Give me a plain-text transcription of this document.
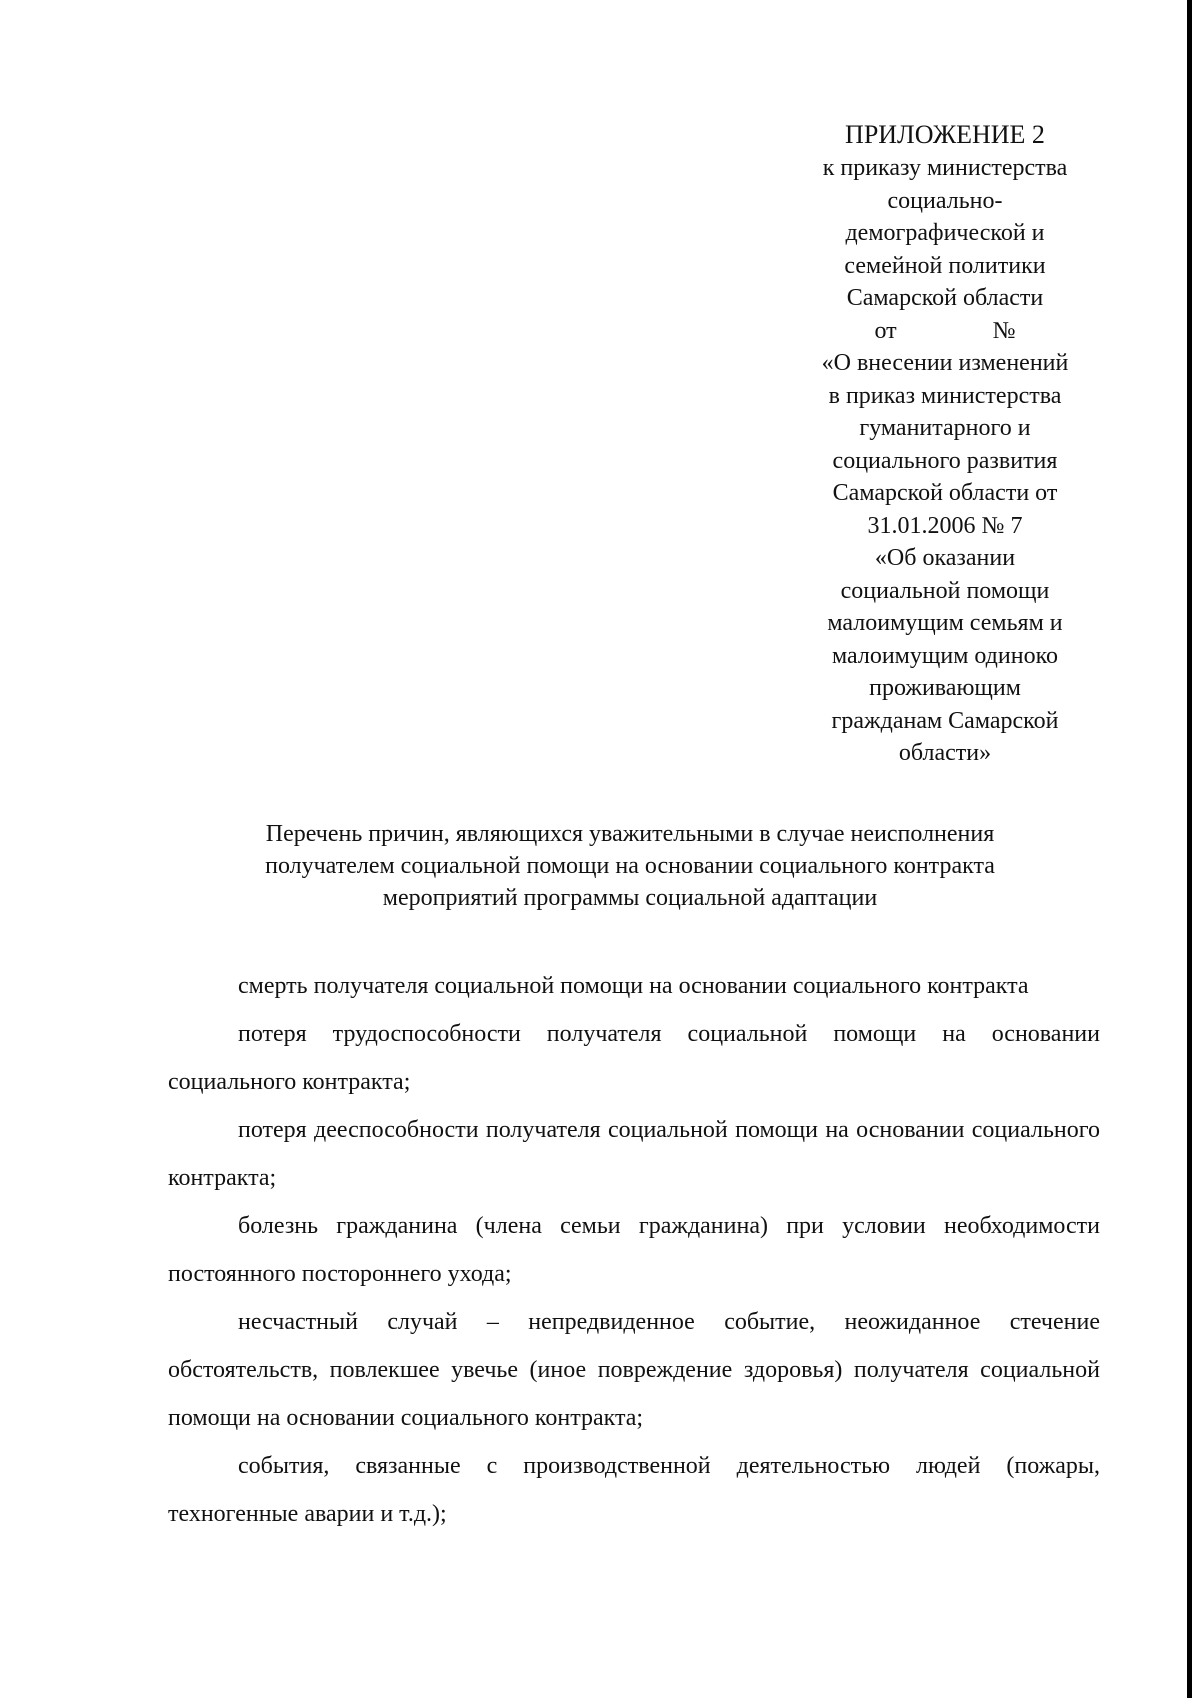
ПРИЛОЖЕНИЕ 2
к приказу министерства
социально-
демографической и
семейной политики
Самарской области
от                №
«О внесении изменений
в приказ министерства
гуманитарного и
социального развития
Самарской области от
31.01.2006 № 7
«Об оказании
социальной помощи
малоимущим семьям и
малоимущим одиноко
проживающим
гражданам Самарской
области»
Перечень причин, являющихся уважительными в случае неисполнения
получателем социальной помощи на основании социального контракта
мероприятий программы социальной адаптации

смерть получателя социальной помощи на основании социального контракта

потеря трудоспособности получателя социальной помощи на основании социального контракта;

потеря дееспособности получателя социальной помощи на основании социального контракта;

болезнь гражданина (члена семьи гражданина) при условии необходимости постоянного постороннего ухода;

несчастный случай – непредвиденное событие, неожиданное стечение обстоятельств, повлекшее увечье (иное повреждение здоровья) получателя социальной помощи на основании социального контракта;

события, связанные с производственной деятельностью людей (пожары, техногенные аварии и т.д.);
